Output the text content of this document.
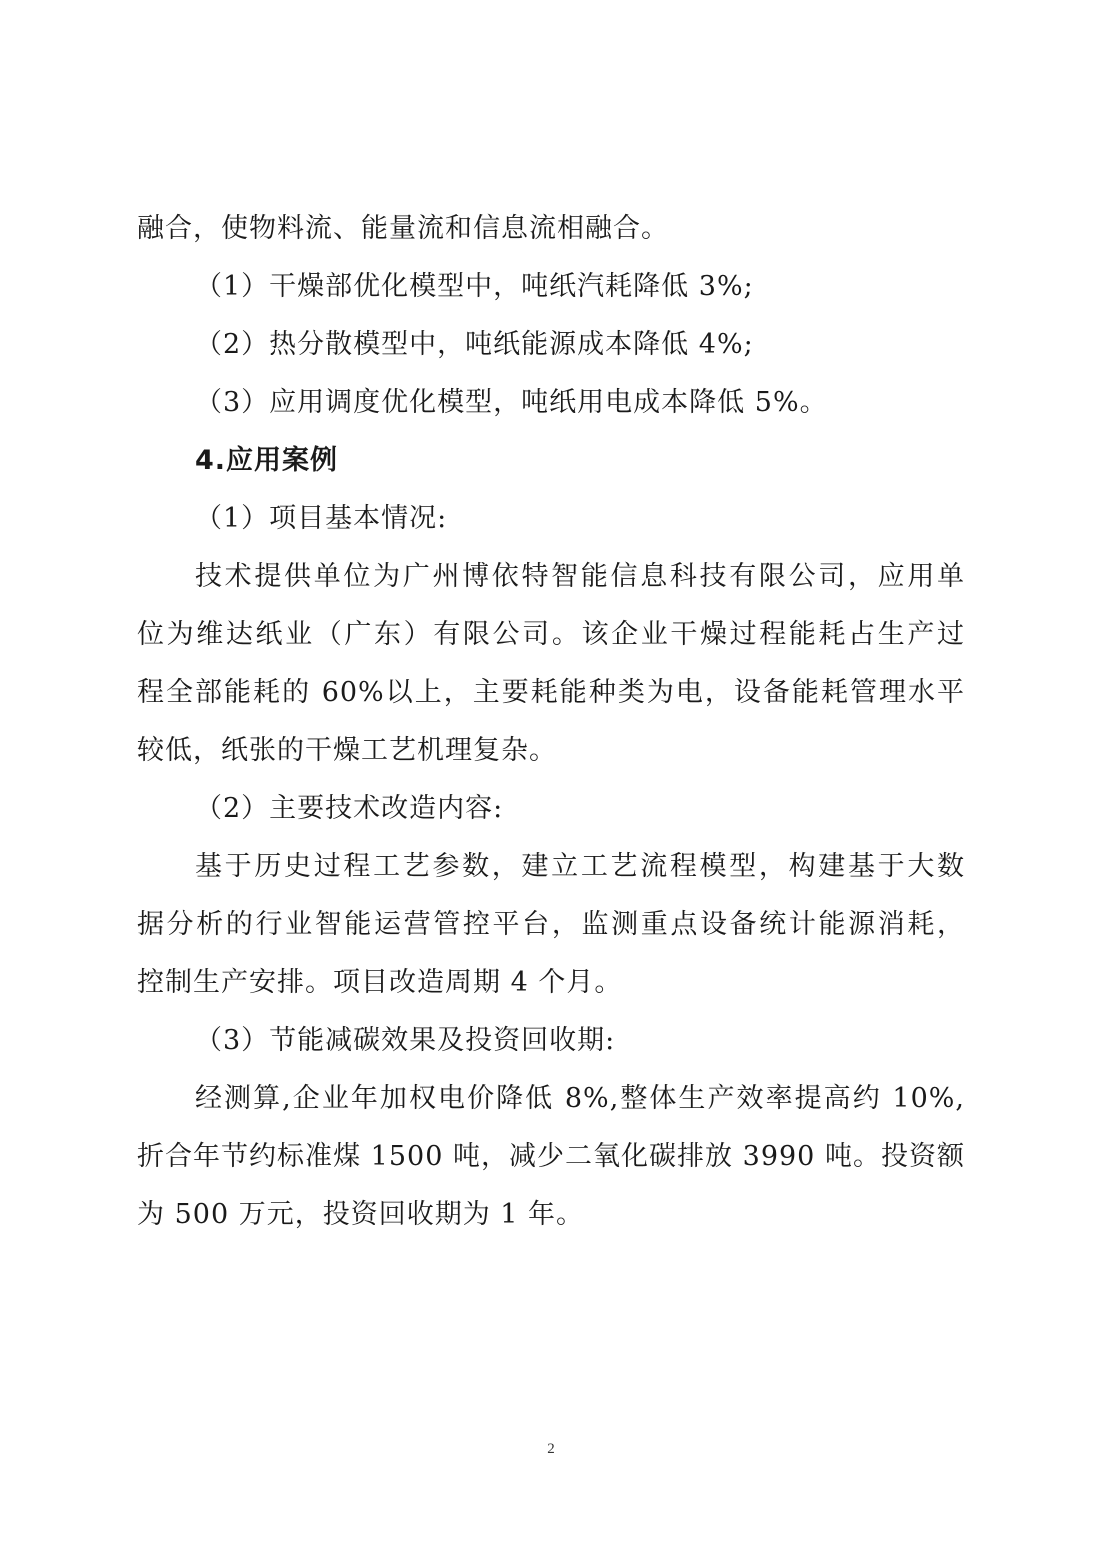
融合，使物料流、能量流和信息流相融合。
（1）干燥部优化模型中，吨纸汽耗降低 3%;
（2）热分散模型中，吨纸能源成本降低 4%;
（3）应用调度优化模型，吨纸用电成本降低 5%。
4.应用案例
（1）项目基本情况:
技术提供单位为广州博依特智能信息科技有限公司，应用单
位为维达纸业（广东）有限公司。该企业干燥过程能耗占生产过
程全部能耗的 60%以上，主要耗能种类为电，设备能耗管理水平
较低，纸张的干燥工艺机理复杂。
（2）主要技术改造内容:
基于历史过程工艺参数，建立工艺流程模型，构建基于大数
据分析的行业智能运营管控平台，监测重点设备统计能源消耗，
控制生产安排。项目改造周期 4 个月。
（3）节能减碳效果及投资回收期:
经测算,企业年加权电价降低 8%,整体生产效率提高约 10%,
折合年节约标准煤 1500 吨，减少二氧化碳排放 3990 吨。投资额
为 500 万元，投资回收期为 1 年。
2
